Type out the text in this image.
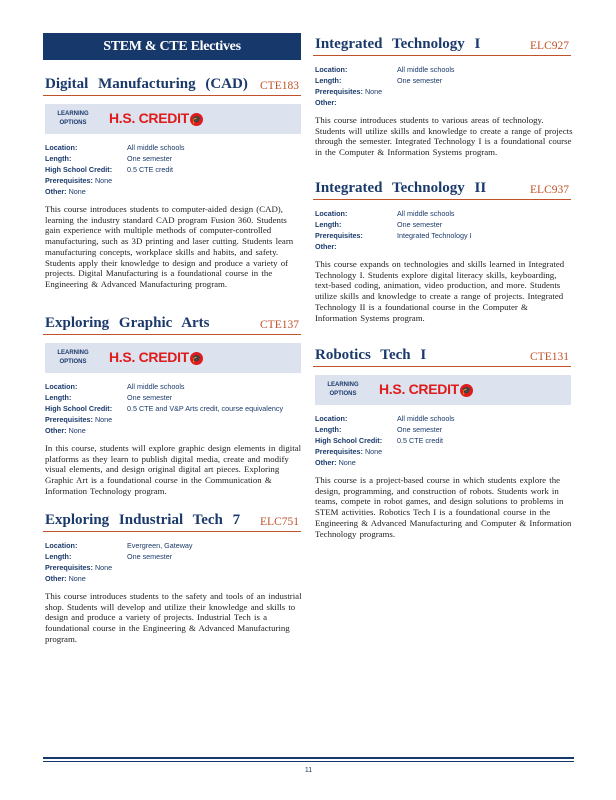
STEM & CTE Electives
Digital Manufacturing (CAD) CTE183
LEARNING OPTIONS	H.S. CREDIT 🎓
Location:	All middle schools
Length:	One semester
High School Credit: 0.5 CTE credit
Prerequisites: None
Other: None
This course introduces students to computer-aided design (CAD), learning the industry standard CAD program Fusion 360. Students gain experience with multiple methods of computer-controlled manufacturing, such as 3D printing and laser cutting. Students learn manufacturing concepts, workplace skills and habits, and safety. Students apply their knowledge to design and produce a variety of projects. Digital Manufacturing is a foundational course in the Engineering & Advanced Manufacturing program.
Exploring Graphic Arts	CTE137
LEARNING OPTIONS	H.S. CREDIT 🎓
Location:	All middle schools
Length:	One semester
High School Credit: 0.5 CTE and V&P Arts credit, course equivalency
Prerequisites: None
Other: None
In this course, students will explore graphic design elements in digital platforms as they learn to publish digital media, create and modify visual elements, and design original digital art pieces. Exploring Graphic Art is a foundational course in the Communication & Information Technology program.
Exploring Industrial Tech 7 ELC751
Location:	Evergreen, Gateway
Length:	One semester
Prerequisites: None
Other: None
This course introduces students to the safety and tools of an industrial shop. Students will develop and utilize their knowledge and skills to design and produce a variety of projects. Industrial Tech is a foundational course in the Engineering & Advanced Manufacturing program.
Integrated Technology I	ELC927
Location:	All middle schools
Length:	One semester
Prerequisites: None
Other:
This course introduces students to various areas of technology. Students will utilize skills and knowledge to create a range of projects through the semester. Integrated Technology I is a foundational course in the Computer & Information Systems program.
Integrated Technology II	ELC937
Location:	All middle schools
Length:	One semester
Prerequisites:	Integrated Technology I
Other:
This course expands on technologies and skills learned in Integrated Technology I. Students explore digital literacy skills, keyboarding, text-based coding, animation, video production, and more. Students utilize skills and knowledge to create a range of projects. Integrated Technology II is a foundational course in the Computer & Information Systems program.
Robotics Tech I	CTE131
LEARNING OPTIONS	H.S. CREDIT 🎓
Location:	All middle schools
Length:	One semester
High School Credit: 0.5 CTE credit
Prerequisites: None
Other: None
This course is a project-based course in which students explore the design, programming, and construction of robots. Students work in teams, compete in robot games, and design solutions to problems in STEM activities. Robotics Tech I is a foundational course in the Engineering & Advanced Manufacturing and Computer & Information Technology programs.
11
